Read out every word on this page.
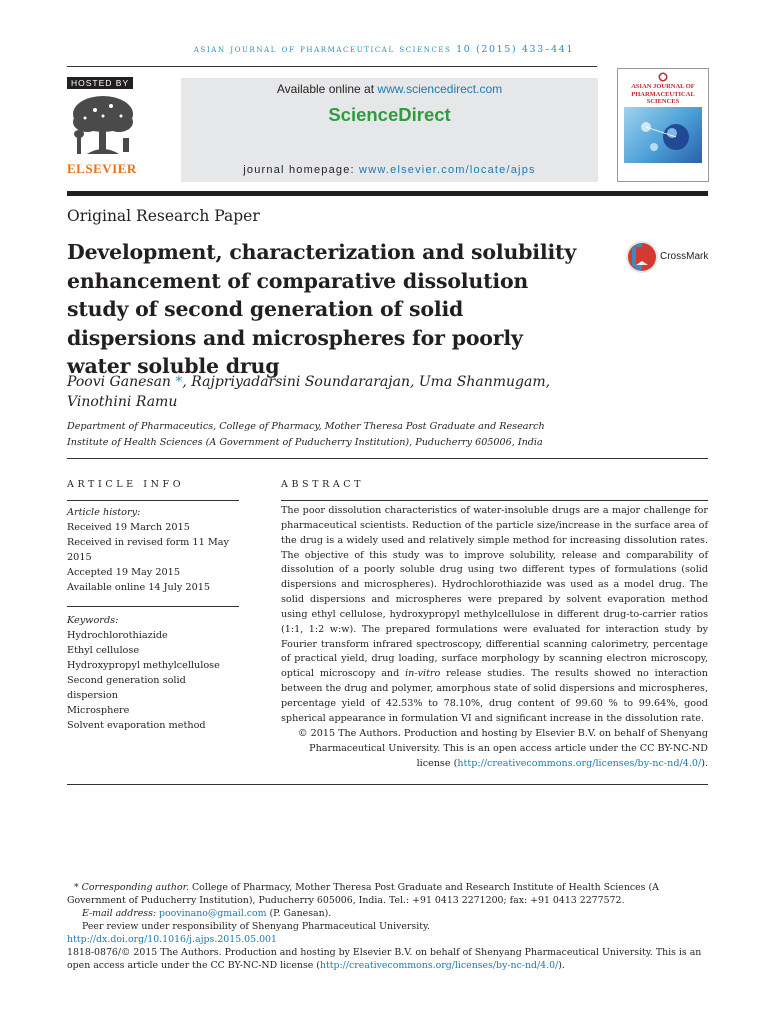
asian journal of pharmaceutical sciences 10 (2015) 433–441
HOSTED BY
ELSEVIER
Available online at www.sciencedirect.com
ScienceDirect
journal homepage: www.elsevier.com/locate/ajps
ASIAN JOURNAL OF PHARMACEUTICAL SCIENCES
Original Research Paper
Development, characterization and solubility enhancement of comparative dissolution study of second generation of solid dispersions and microspheres for poorly water soluble drug
CrossMark
Poovi Ganesan *, Rajpriyadarsini Soundararajan, Uma Shanmugam, Vinothini Ramu
Department of Pharmaceutics, College of Pharmacy, Mother Theresa Post Graduate and Research Institute of Health Sciences (A Government of Puducherry Institution), Puducherry 605006, India
ARTICLE INFO
Article history:
Received 19 March 2015
Received in revised form 11 May 2015
Accepted 19 May 2015
Available online 14 July 2015
Keywords:
Hydrochlorothiazide
Ethyl cellulose
Hydroxypropyl methylcellulose
Second generation solid dispersion
Microsphere
Solvent evaporation method
ABSTRACT
The poor dissolution characteristics of water-insoluble drugs are a major challenge for pharmaceutical scientists. Reduction of the particle size/increase in the surface area of the drug is a widely used and relatively simple method for increasing dissolution rates. The objective of this study was to improve solubility, release and comparability of dissolution of a poorly soluble drug using two different types of formulations (solid dispersions and microspheres). Hydrochlorothiazide was used as a model drug. The solid dispersions and microspheres were prepared by solvent evaporation method using ethyl cellulose, hydroxypropyl methylcellulose in different drug-to-carrier ratios (1:1, 1:2 w:w). The prepared formulations were evaluated for interaction study by Fourier transform infrared spectroscopy, differential scanning calorimetry, percentage of practical yield, drug loading, surface morphology by scanning electron microscopy, optical microscopy and in-vitro release studies. The results showed no interaction between the drug and polymer, amorphous state of solid dispersions and microspheres, percentage yield of 42.53% to 78.10%, drug content of 99.60 % to 99.64%, good spherical appearance in formulation VI and significant increase in the dissolution rate.
© 2015 The Authors. Production and hosting by Elsevier B.V. on behalf of Shenyang Pharmaceutical University. This is an open access article under the CC BY-NC-ND license (http://creativecommons.org/licenses/by-nc-nd/4.0/).
* Corresponding author. College of Pharmacy, Mother Theresa Post Graduate and Research Institute of Health Sciences (A Government of Puducherry Institution), Puducherry 605006, India. Tel.: +91 0413 2271200; fax: +91 0413 2277572.
E-mail address: poovinano@gmail.com (P. Ganesan).
Peer review under responsibility of Shenyang Pharmaceutical University.
http://dx.doi.org/10.1016/j.ajps.2015.05.001
1818-0876/© 2015 The Authors. Production and hosting by Elsevier B.V. on behalf of Shenyang Pharmaceutical University. This is an open access article under the CC BY-NC-ND license (http://creativecommons.org/licenses/by-nc-nd/4.0/).
